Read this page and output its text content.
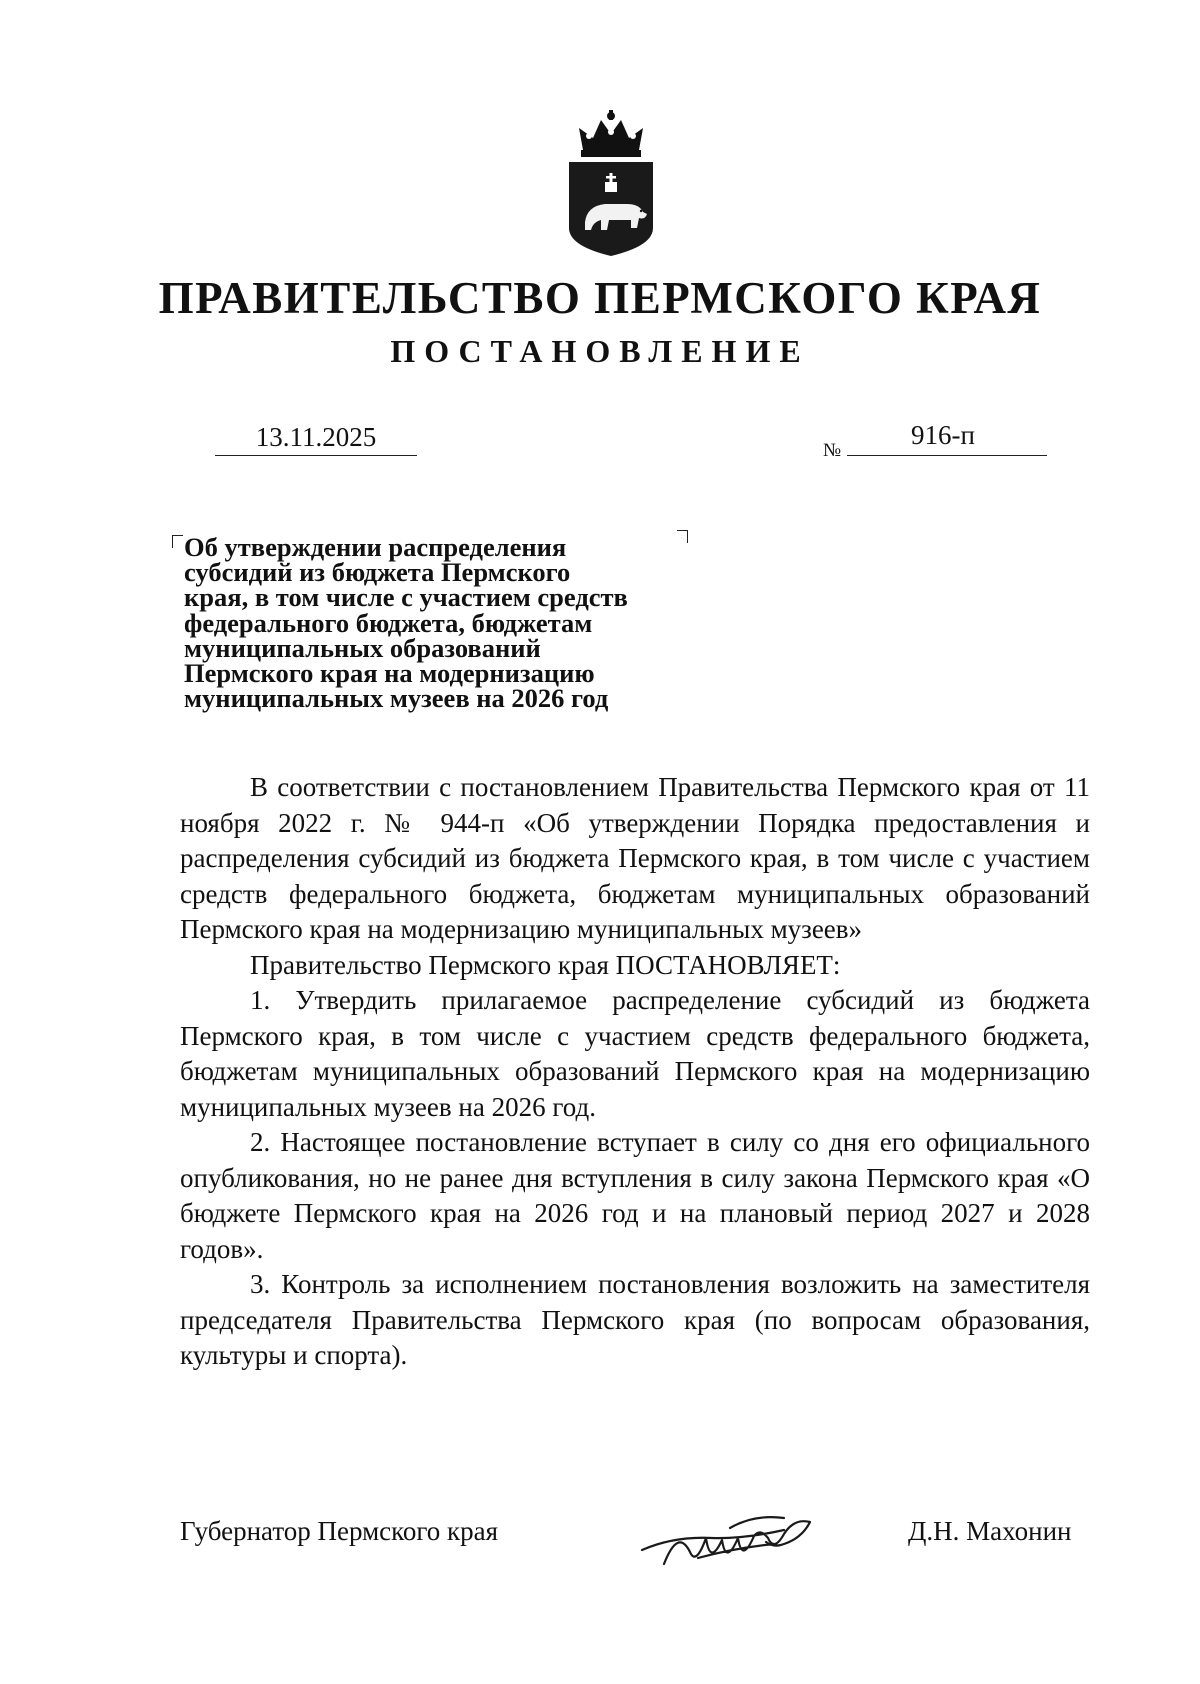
ПРАВИТЕЛЬСТВО ПЕРМСКОГО КРАЯ
ПОСТАНОВЛЕНИЕ
13.11.2025	№
916-п
Об утверждении распределения
субсидий из бюджета Пермского
края, в том числе с участием средств
федерального бюджета, бюджетам
муниципальных образований
Пермского края на модернизацию
муниципальных музеев на 2026 год

В соответствии с постановлением Правительства Пермского края от 11 ноября 2022 г. № 944-п «Об утверждении Порядка предоставления и распределения субсидий из бюджета Пермского края, в том числе с участием средств федерального бюджета, бюджетам муниципальных образований Пермского края на модернизацию муниципальных музеев»

Правительство Пермского края ПОСТАНОВЛЯЕТ:

1. Утвердить прилагаемое распределение субсидий из бюджета Пермского края, в том числе с участием средств федерального бюджета, бюджетам муниципальных образований Пермского края на модернизацию муниципальных музеев на 2026 год.

2. Настоящее постановление вступает в силу со дня его официального опубликования, но не ранее дня вступления в силу закона Пермского края «О бюджете Пермского края на 2026 год и на плановый период 2027 и 2028 годов».

3. Контроль за исполнением постановления возложить на заместителя председателя Правительства Пермского края (по вопросам образования, культуры и спорта).

Губернатор Пермского края	Д.Н. Махонин
